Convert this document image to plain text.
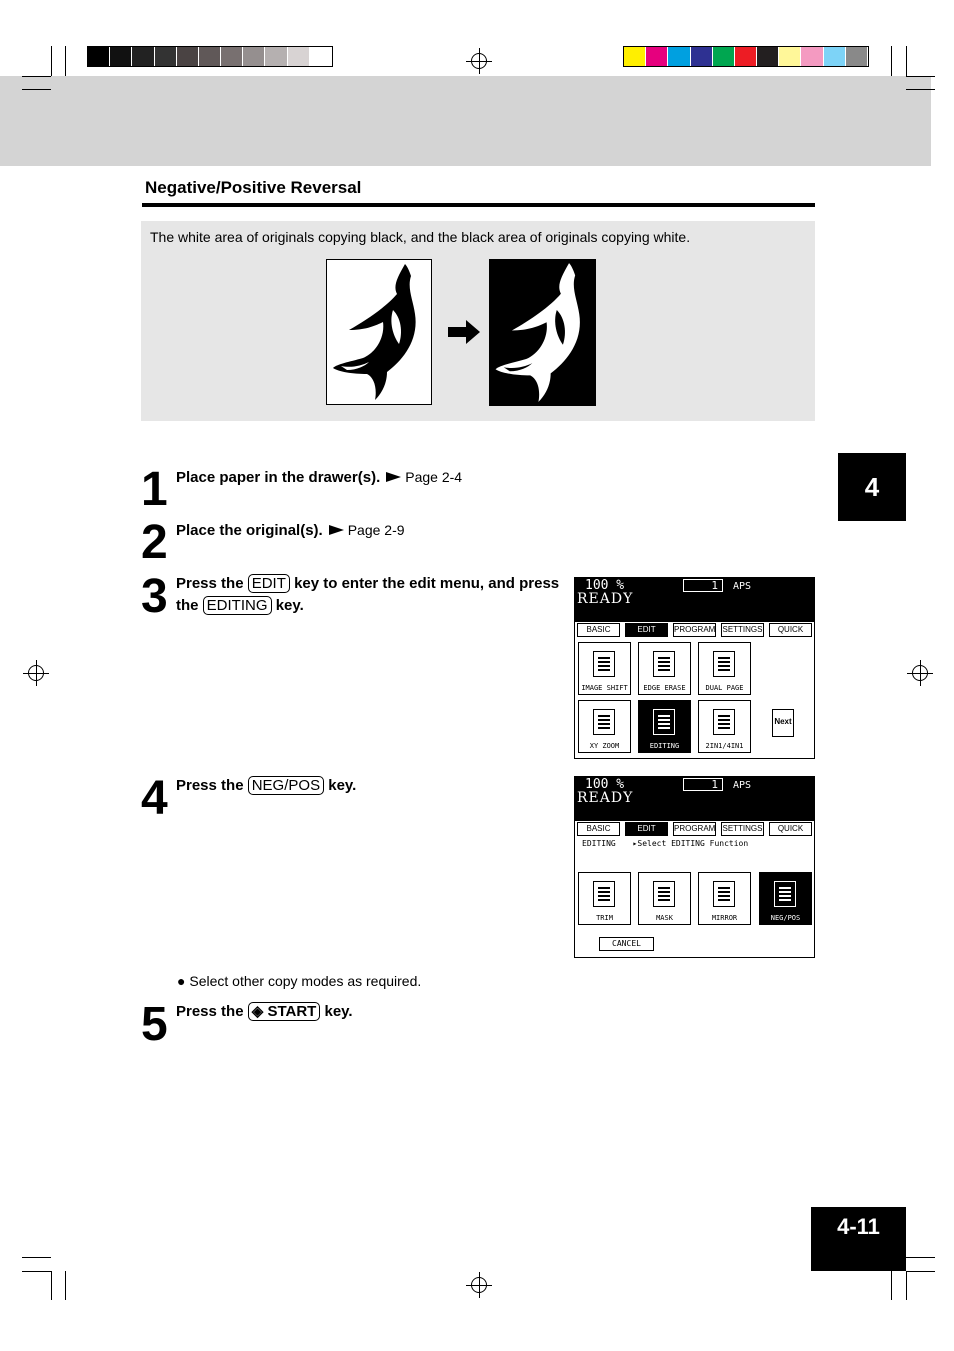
Negative/Positive Reversal
The white area of originals copying black, and the black area of originals copying white.
1 Place paper in the drawer(s). Page 2-4
2 Place the original(s). Page 2-9
3 Press the EDIT key to enter the edit menu, and press
the EDITING key.
100 %	1	APS
READY
BASIC	EDIT	PROGRAM SETTINGS	QUICK
IMAGE SHIFT	EDGE ERASE	DUAL PAGE
XY ZOOM	EDITING	2IN1/4IN1
Next
4 Press the NEG/POS key.	100 %	1	APS
READY
BASIC	EDIT	PROGRAM SETTINGS	QUICK
EDITING ▸Select EDITING Function
TRIM	MASK	MIRROR	NEG/POS
CANCEL
● Select other copy modes as required.
5 Press the ◈ START key.
4
4-11
